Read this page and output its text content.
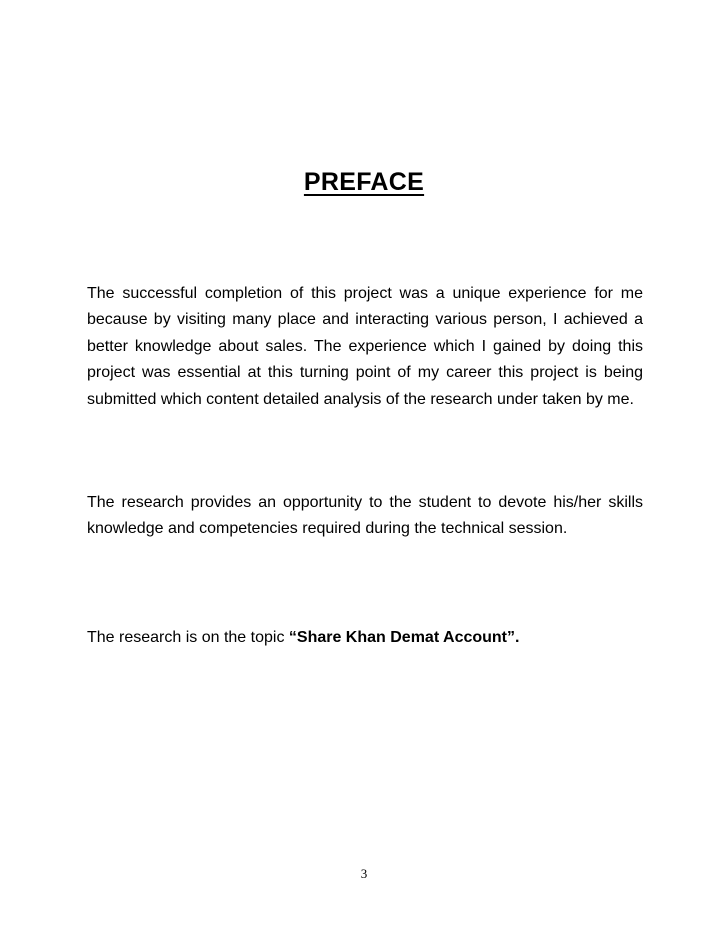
PREFACE

The successful completion of this project was a unique experience for me because by visiting many place and interacting various person, I achieved a better knowledge about sales. The experience which I gained by doing this project was essential at this turning point of my career this project is being submitted which content detailed analysis of the research under taken by me.

The research provides an opportunity to the student to devote his/her skills knowledge and competencies required during the technical session.

The research is on the topic “Share Khan Demat Account”.

3
